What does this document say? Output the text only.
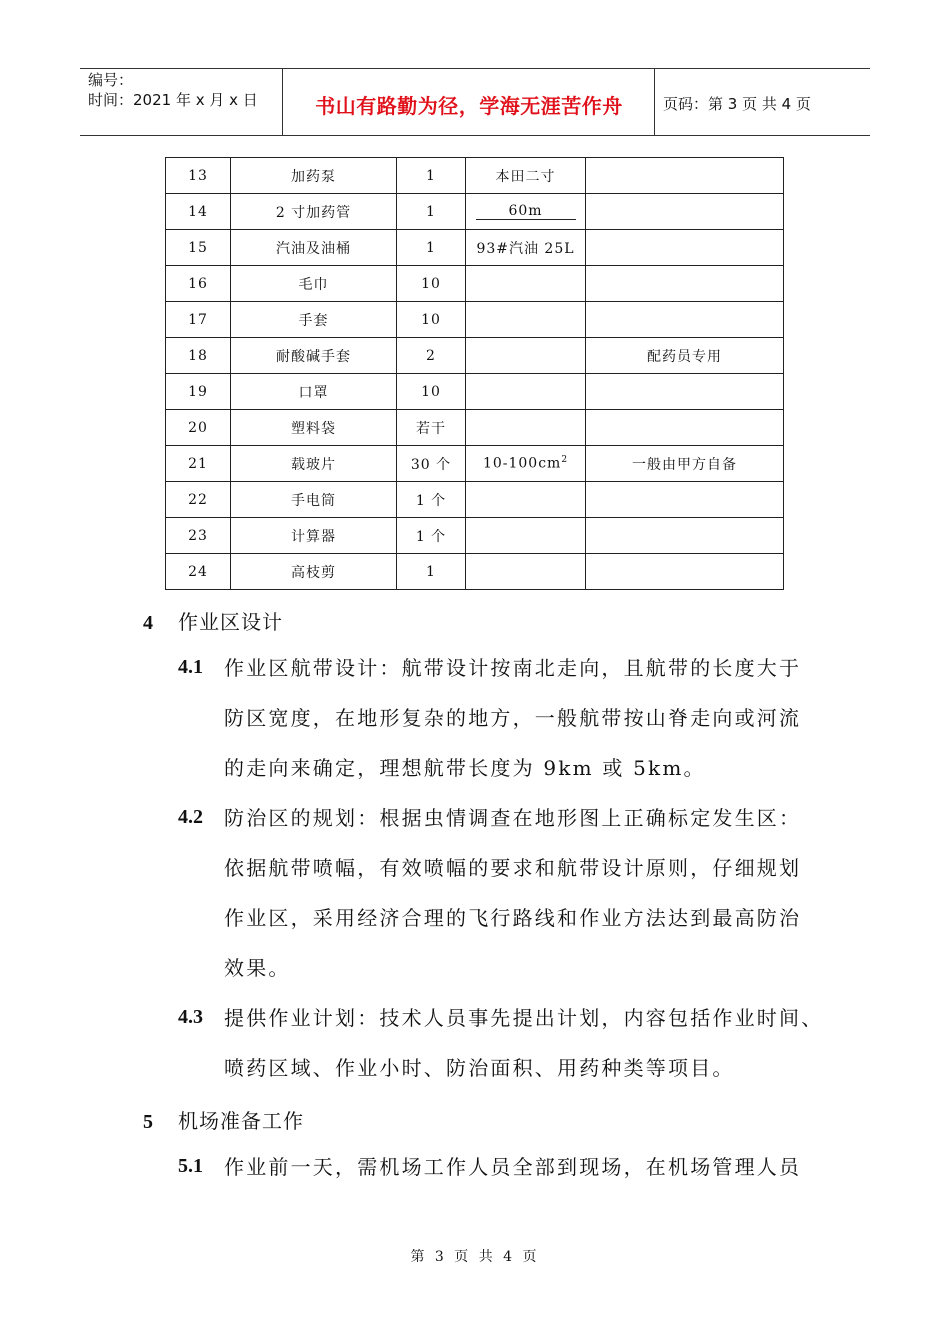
编号：
时间：2021 年 x 月 x 日	书山有路勤为径，学海无涯苦作舟	页码：第 3 页 共 4 页
13	加药泵	1	本田二寸	
14	2 寸加药管	1	60m	
15	汽油及油桶	1	93#汽油 25L	
16	毛巾	10		
17	手套	10		
18	耐酸碱手套	2		配药员专用
19	口罩	10		
20	塑料袋	若干		
21	载玻片	30 个	$10-100cm^2$	一般由甲方自备
22	手电筒	1 个		
23	计算器	1 个		
24	高枝剪	1		
4 作业区设计
4.1 作业区航带设计：航带设计按南北走向，且航带的长度大于
防区宽度，在地形复杂的地方，一般航带按山脊走向或河流
的走向来确定，理想航带长度为 9km 或 5km。
4.2 防治区的规划：根据虫情调查在地形图上正确标定发生区：
依据航带喷幅，有效喷幅的要求和航带设计原则，仔细规划
作业区，采用经济合理的飞行路线和作业方法达到最高防治
效果。
4.3 提供作业计划：技术人员事先提出计划，内容包括作业时间、
喷药区域、作业小时、防治面积、用药种类等项目。
5 机场准备工作
5.1 作业前一天，需机场工作人员全部到现场，在机场管理人员
第 3 页 共 4 页
